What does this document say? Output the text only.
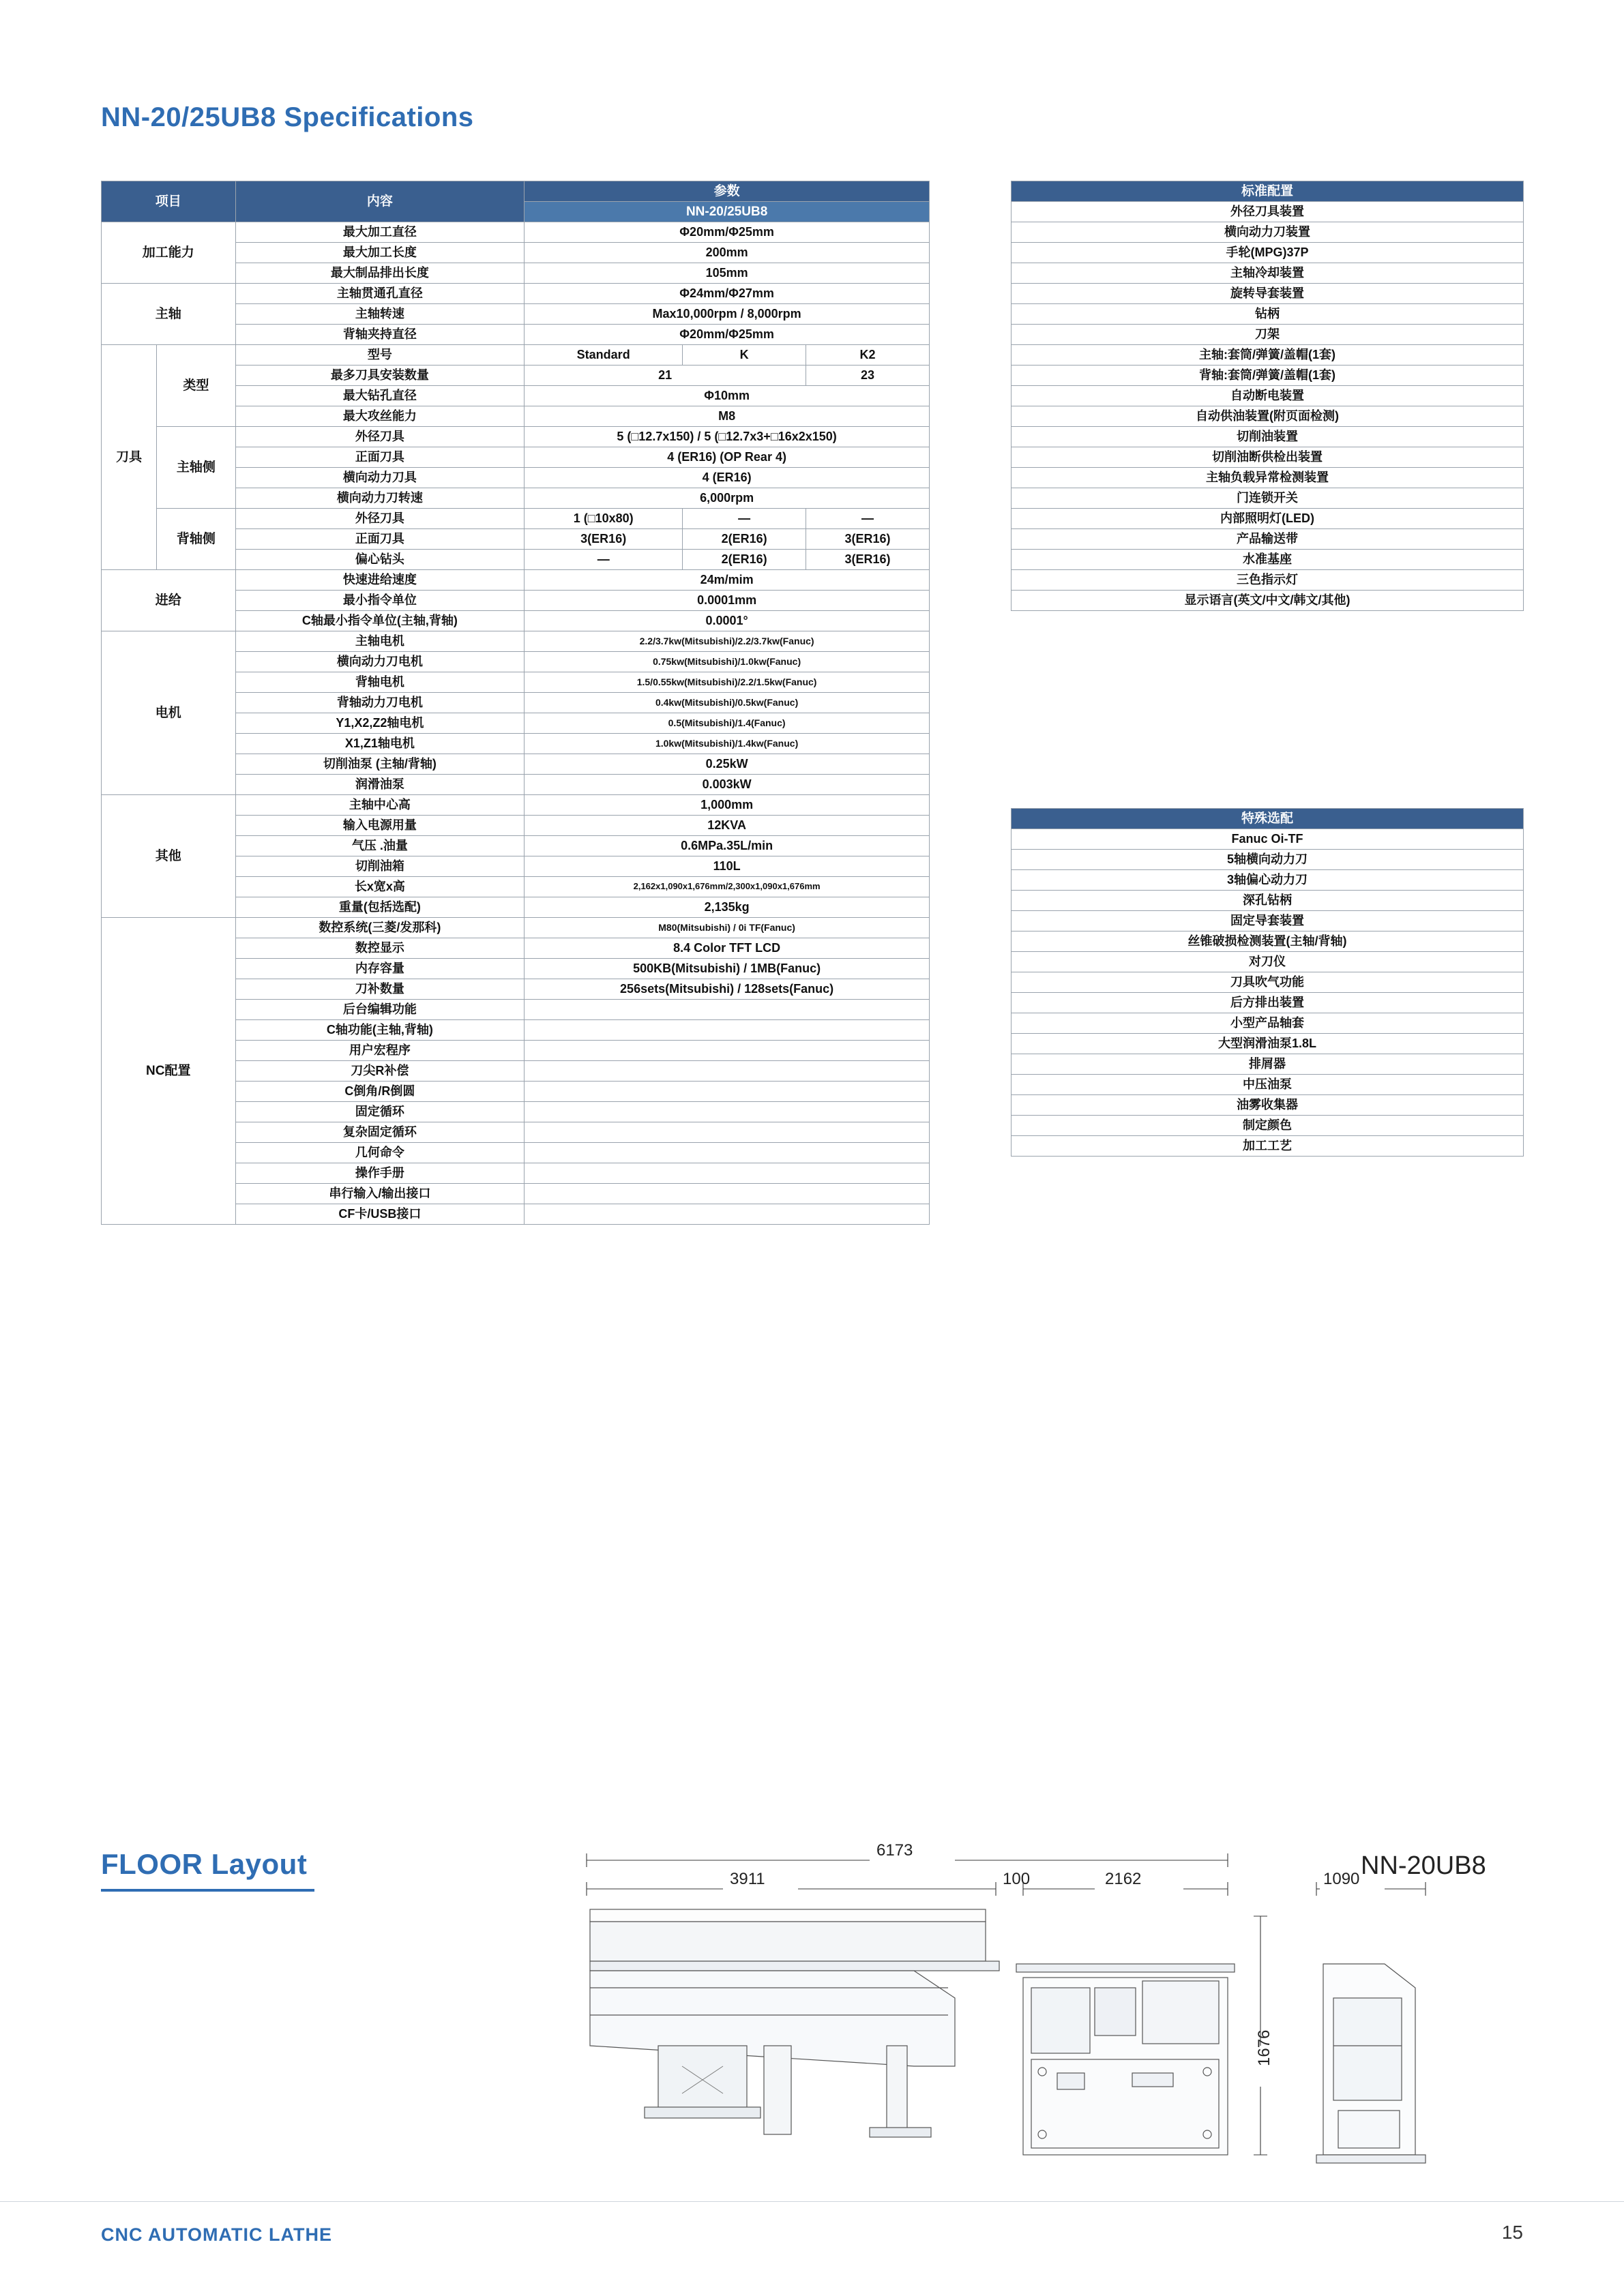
NN-20/25UB8 Specifications
项目		内容	参数		
			NN-20/25UB8		
加工能力		最大加工直径	Φ20mm/Φ25mm		
		最大加工长度	200mm		
		最大制品排出长度	105mm		
主轴		主轴贯通孔直径	Φ24mm/Φ27mm		
		主轴转速	Max10,000rpm / 8,000rpm		
		背轴夹持直径	Φ20mm/Φ25mm		
刀具	类型	型号	Standard	K	K2
		最多刀具安装数量	21		23
		最大钻孔直径	Φ10mm		
		最大攻丝能力	M8		
	主轴侧	外径刀具	5 (□12.7x150) / 5 (□12.7x3+□16x2x150)		
		正面刀具	4 (ER16) (OP Rear 4)		
		横向动力刀具	4 (ER16)		
		横向动力刀转速	6,000rpm		
	背轴侧	外径刀具	1 (□10x80)	—	—
		正面刀具	3(ER16)	2(ER16)	3(ER16)
		偏心钻头	—	2(ER16)	3(ER16)
进给		快速进给速度	24m/mim		
		最小指令单位	0.0001mm		
		C轴最小指令单位(主轴,背轴)	0.0001°		
电机		主轴电机	2.2/3.7kw(Mitsubishi)/2.2/3.7kw(Fanuc)		
		横向动力刀电机	0.75kw(Mitsubishi)/1.0kw(Fanuc)		
		背轴电机	1.5/0.55kw(Mitsubishi)/2.2/1.5kw(Fanuc)		
		背轴动力刀电机	0.4kw(Mitsubishi)/0.5kw(Fanuc)		
		Y1,X2,Z2轴电机	0.5(Mitsubishi)/1.4(Fanuc)		
		X1,Z1轴电机	1.0kw(Mitsubishi)/1.4kw(Fanuc)		
		切削油泵 (主轴/背轴)	0.25kW		
		润滑油泵	0.003kW		
其他		主轴中心高	1,000mm		
		输入电源用量	12KVA		
		气压 .油量	0.6MPa.35L/min		
		切削油箱	110L		
		长x宽x高	2,162x1,090x1,676mm/2,300x1,090x1,676mm		
		重量(包括选配)	2,135kg		
NC配置		数控系统(三菱/发那科)	M80(Mitsubishi) / 0i TF(Fanuc)		
		数控显示	8.4 Color TFT LCD		
		内存容量	500KB(Mitsubishi) / 1MB(Fanuc)		
		刀补数量	256sets(Mitsubishi) / 128sets(Fanuc)		
		后台编辑功能			
		C轴功能(主轴,背轴)			
		用户宏程序			
		刀尖R补偿			
		C倒角/R倒圆			
		固定循环			
		复杂固定循环			
		几何命令			
		操作手册			
		串行输入/输出接口			
		CF卡/USB接口			
标准配置
外径刀具装置
横向动力刀装置
手轮(MPG)37P
主轴冷却装置
旋转导套装置
钻柄
刀架
主轴:套筒/弹簧/盖帽(1套)
背轴:套筒/弹簧/盖帽(1套)
自动断电装置
自动供油装置(附页面检测)
切削油装置
切削油断供检出装置
主轴负载异常检测装置
门连锁开关
内部照明灯(LED)
产品输送带
水准基座
三色指示灯
显示语言(英文/中文/韩文/其他)
特殊选配
Fanuc Oi-TF
5轴横向动力刀
3轴偏心动力刀
深孔钻柄
固定导套装置
丝锥破损检测装置(主轴/背轴)
对刀仪
刀具吹气功能
后方排出装置
小型产品轴套
大型润滑油泵1.8L
排屑器
中压油泵
油雾收集器
制定颜色
加工工艺
FLOOR Layout	NN-20UB8
6173
3911	100	2162	1090
1676
CNC AUTOMATIC LATHE	15
